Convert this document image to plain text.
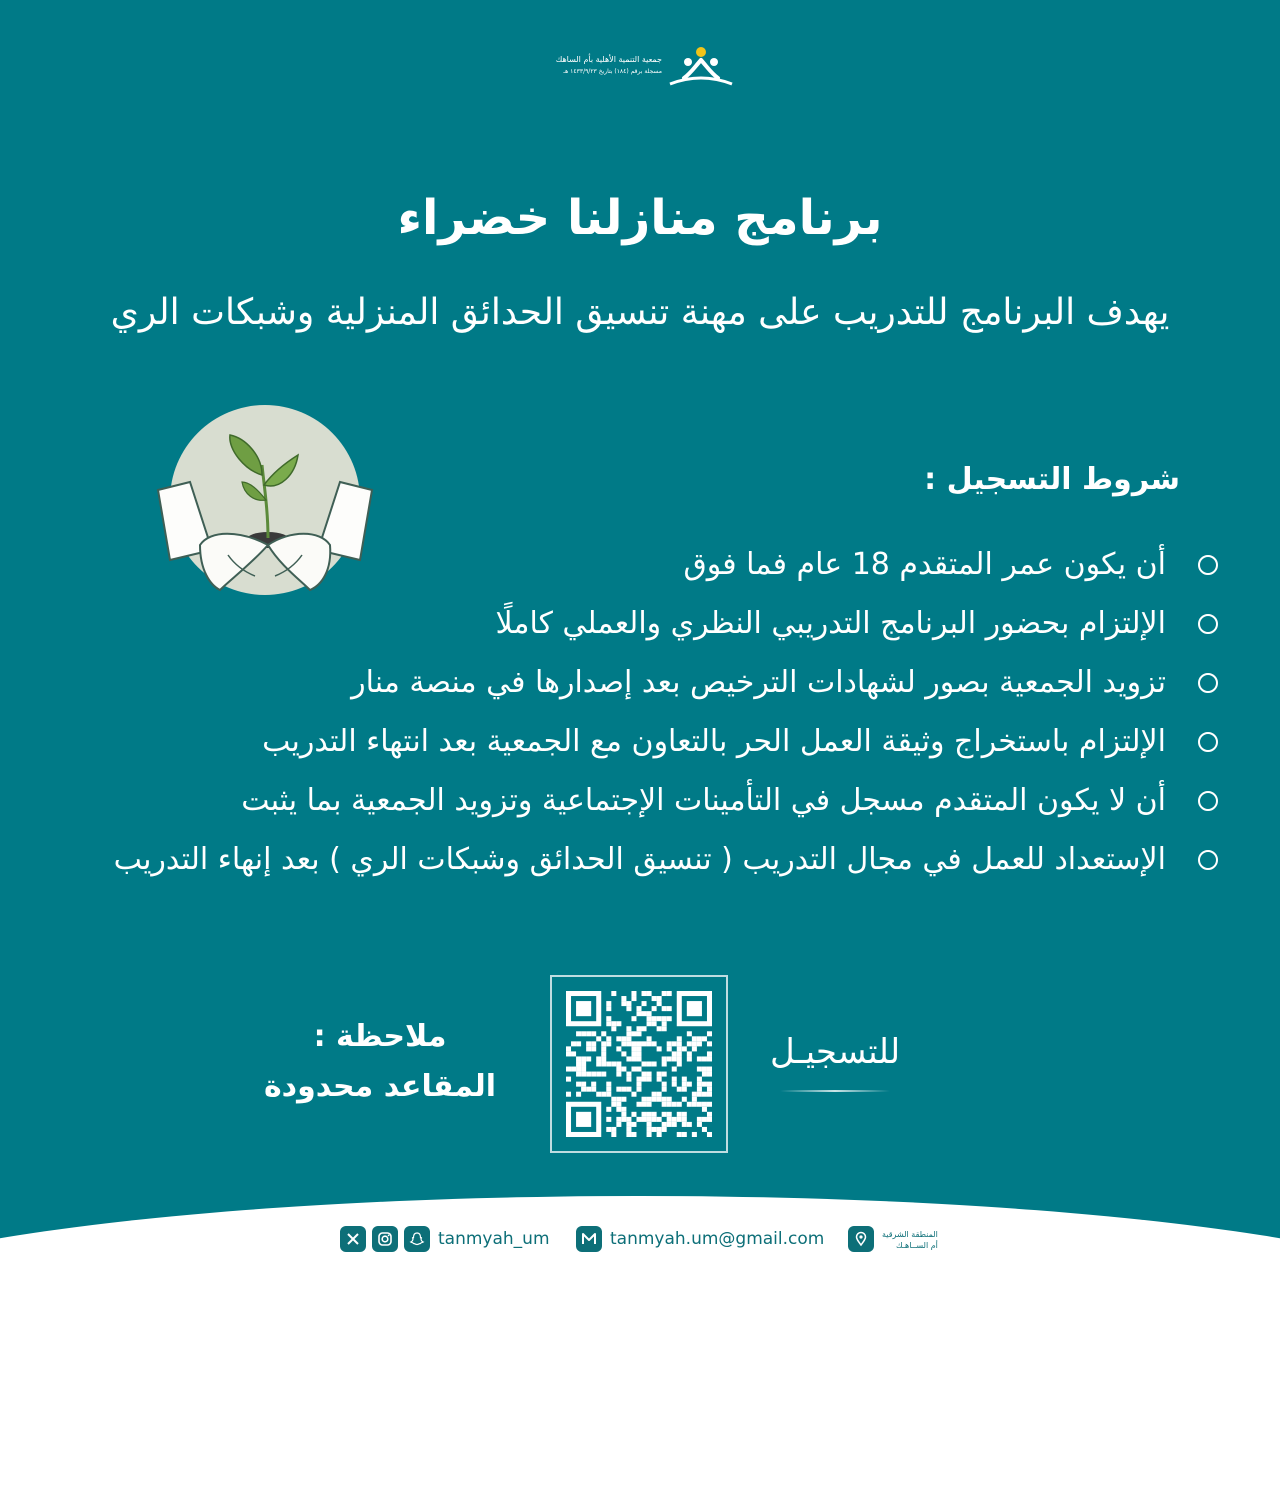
جمعية التنمية الأهلية بأم الساهك
مسجلة برقم (١٨٤) بتاريخ ١٤٣٣/٩/٢٣ هـ
برنامج منازلنا خضراء
يهدف البرنامج للتدريب على مهنة تنسيق الحدائق المنزلية وشبكات الري
شروط التسجيل :
أن يكون عمر المتقدم 18 عام فما فوق
الإلتزام بحضور البرنامج التدريبي النظري والعملي كاملًا
تزويد الجمعية بصور لشهادات الترخيص بعد إصدارها في منصة منار
الإلتزام باستخراج وثيقة العمل الحر بالتعاون مع الجمعية بعد انتهاء التدريب
أن لا يكون المتقدم مسجل في التأمينات الإجتماعية وتزويد الجمعية بما يثبت
الإستعداد للعمل في مجال التدريب ( تنسيق الحدائق وشبكات الري ) بعد إنهاء التدريب
ملاحظة :
المقاعد محدودة
للتسجيـل
tanmyah_um	tanmyah.um@gmail.com	المنطقة الشرقية
أم الســاهـك
